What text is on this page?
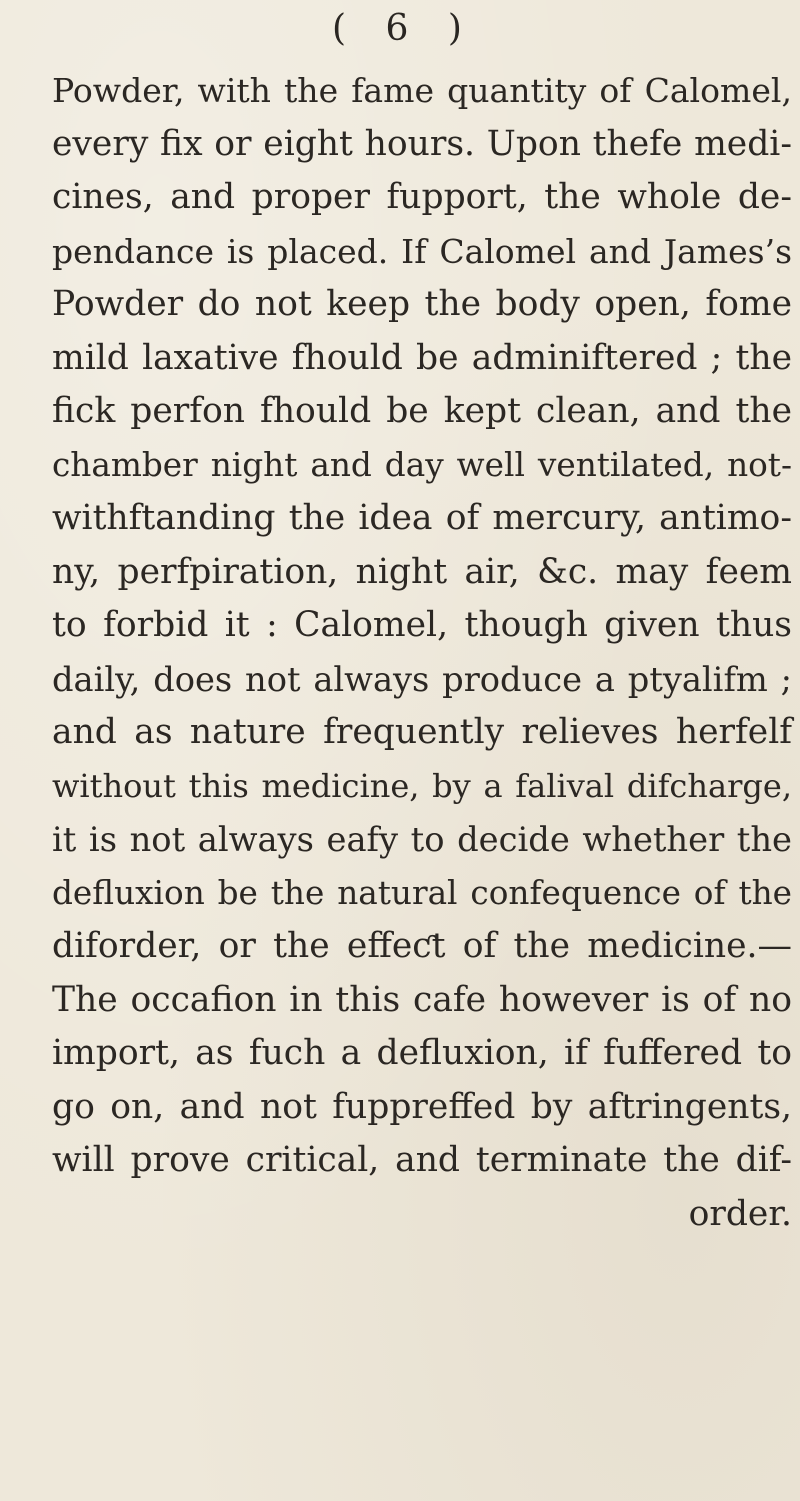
( 6 )
Powder, with the fame quantity of Calomel,
every fix or eight hours. Upon thefe medi-
cines, and proper fupport, the whole de-
pendance is placed. If Calomel and James’s
Powder do not keep the body open, fome
mild laxative fhould be adminiftered ; the
fick perfon fhould be kept clean, and the
chamber night and day well ventilated, not-
withftanding the idea of mercury, antimo-
ny, perfpiration, night air, &c. may feem
to forbid it : Calomel, though given thus
daily, does not always produce a ptyalifm ;
and as nature frequently relieves herfelf
without this medicine, by a falival difcharge,
it is not always eafy to decide whether the
defluxion be the natural confequence of the
diforder, or the effeƈt of the medicine.—
The occafion in this cafe however is of no
import, as fuch a defluxion, if fuffered to
go on, and not fuppreffed by aftringents,
will prove critical, and terminate the dif-
order.
